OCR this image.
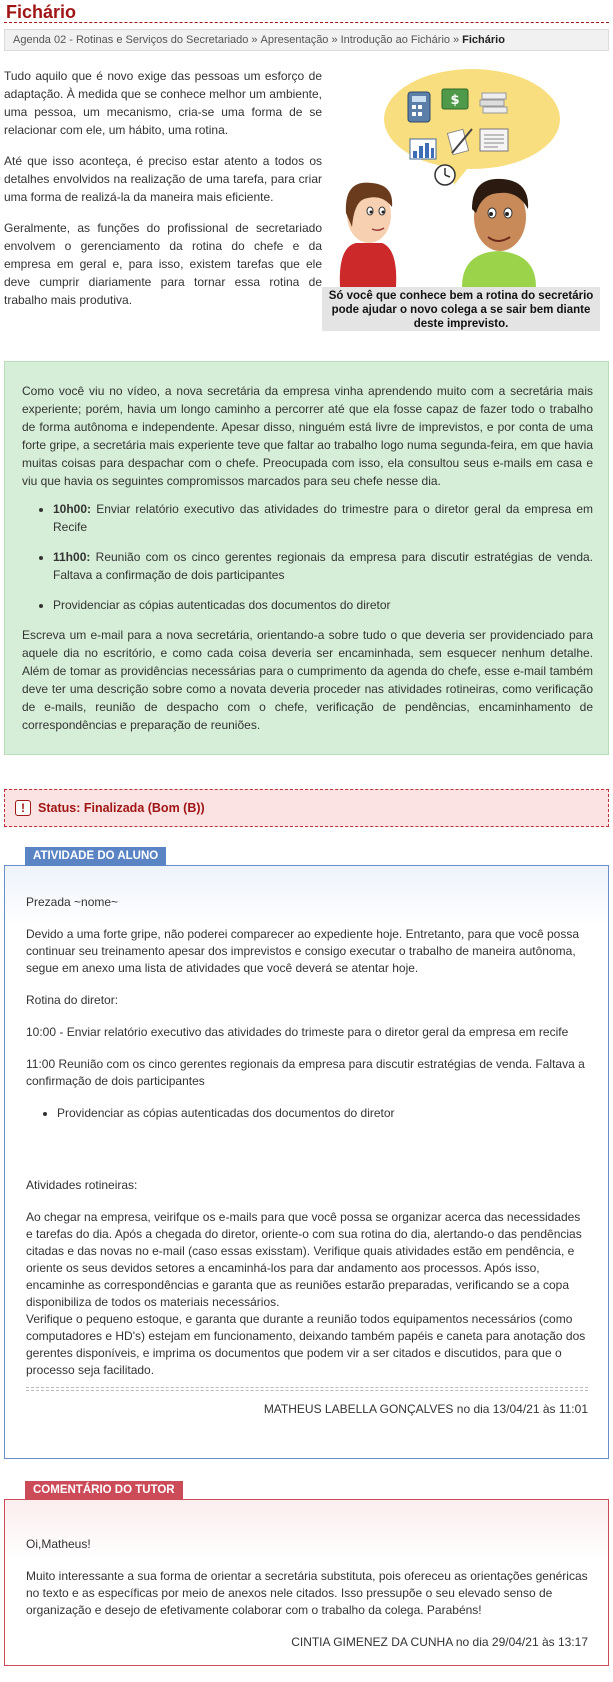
Fichário
Agenda 02 - Rotinas e Serviços do Secretariado » Apresentação » Introdução ao Fichário » Fichário

Tudo aquilo que é novo exige das pessoas um esforço de adaptação. À medida que se conhece melhor um ambiente, uma pessoa, um mecanismo, cria-se uma forma de se relacionar com ele, um hábito, uma rotina.

Até que isso aconteça, é preciso estar atento a todos os detalhes envolvidos na realização de uma tarefa, para criar uma forma de realizá-la da maneira mais eficiente.

Geralmente, as funções do profissional de secretariado envolvem o gerenciamento da rotina do chefe e da empresa em geral e, para isso, existem tarefas que ele deve cumprir diariamente para tornar essa rotina de trabalho mais produtiva.

$
Só você que conhece bem a rotina do secretário pode ajudar o novo colega a se sair bem diante deste imprevisto.

Como você viu no vídeo, a nova secretária da empresa vinha aprendendo muito com a secretária mais experiente; porém, havia um longo caminho a percorrer até que ela fosse capaz de fazer todo o trabalho de forma autônoma e independente. Apesar disso, ninguém está livre de imprevistos, e por conta de uma forte gripe, a secretária mais experiente teve que faltar ao trabalho logo numa segunda-feira, em que havia muitas coisas para despachar com o chefe. Preocupada com isso, ela consultou seus e-mails em casa e viu que havia os seguintes compromissos marcados para seu chefe nesse dia.

• 10h00: Enviar relatório executivo das atividades do trimestre para o diretor geral da empresa em Recife
• 11h00: Reunião com os cinco gerentes regionais da empresa para discutir estratégias de venda. Faltava a confirmação de dois participantes
• Providenciar as cópias autenticadas dos documentos do diretor

Escreva um e-mail para a nova secretária, orientando-a sobre tudo o que deveria ser providenciado para aquele dia no escritório, e como cada coisa deveria ser encaminhada, sem esquecer nenhum detalhe. Além de tomar as providências necessárias para o cumprimento da agenda do chefe, esse e-mail também deve ter uma descrição sobre como a novata deveria proceder nas atividades rotineiras, como verificação de e-mails, reunião de despacho com o chefe, verificação de pendências, encaminhamento de correspondências e preparação de reuniões.

!	Status: Finalizada (Bom (B))
ATIVIDADE DO ALUNO

Prezada ~nome~

Devido a uma forte gripe, não poderei comparecer ao expediente hoje. Entretanto, para que você possa continuar seu treinamento apesar dos imprevistos e consigo executar o trabalho de maneira autônoma, segue em anexo uma lista de atividades que você deverá se atentar hoje.

Rotina do diretor:

10:00 - Enviar relatório executivo das atividades do trimeste para o diretor geral da empresa em recife

11:00 Reunião com os cinco gerentes regionais da empresa para discutir estratégias de venda. Faltava a confirmação de dois participantes

• Providenciar as cópias autenticadas dos documentos do diretor

Atividades rotineiras:

Ao chegar na empresa, veirifque os e-mails para que você possa se organizar acerca das necessidades e tarefas do dia. Após a chegada do diretor, oriente-o com sua rotina do dia, alertando-o das pendências citadas e das novas no e-mail (caso essas exisstam). Verifique quais atividades estão em pendência, e oriente os seus devidos setores a encaminhá-los para dar andamento aos processos. Após isso, encaminhe as correspondências e garanta que as reuniões estarão preparadas, verificando se a copa disponibiliza de todos os materiais necessários.

Verifique o pequeno estoque, e garanta que durante a reunião todos equipamentos necessários (como computadores e HD's) estejam em funcionamento, deixando também papéis e caneta para anotação dos gerentes disponíveis, e imprima os documentos que podem vir a ser citados e discutidos, para que o processo seja facilitado.

MATHEUS LABELLA GONÇALVES no dia 13/04/21 às 11:01
COMENTÁRIO DO TUTOR

Oi,Matheus!

Muito interessante a sua forma de orientar a secretária substituta, pois ofereceu as orientações genéricas no texto e as específicas por meio de anexos nele citados. Isso pressupõe o seu elevado senso de organização e desejo de efetivamente colaborar com o trabalho da colega. Parabéns!

CINTIA GIMENEZ DA CUNHA no dia 29/04/21 às 13:17
